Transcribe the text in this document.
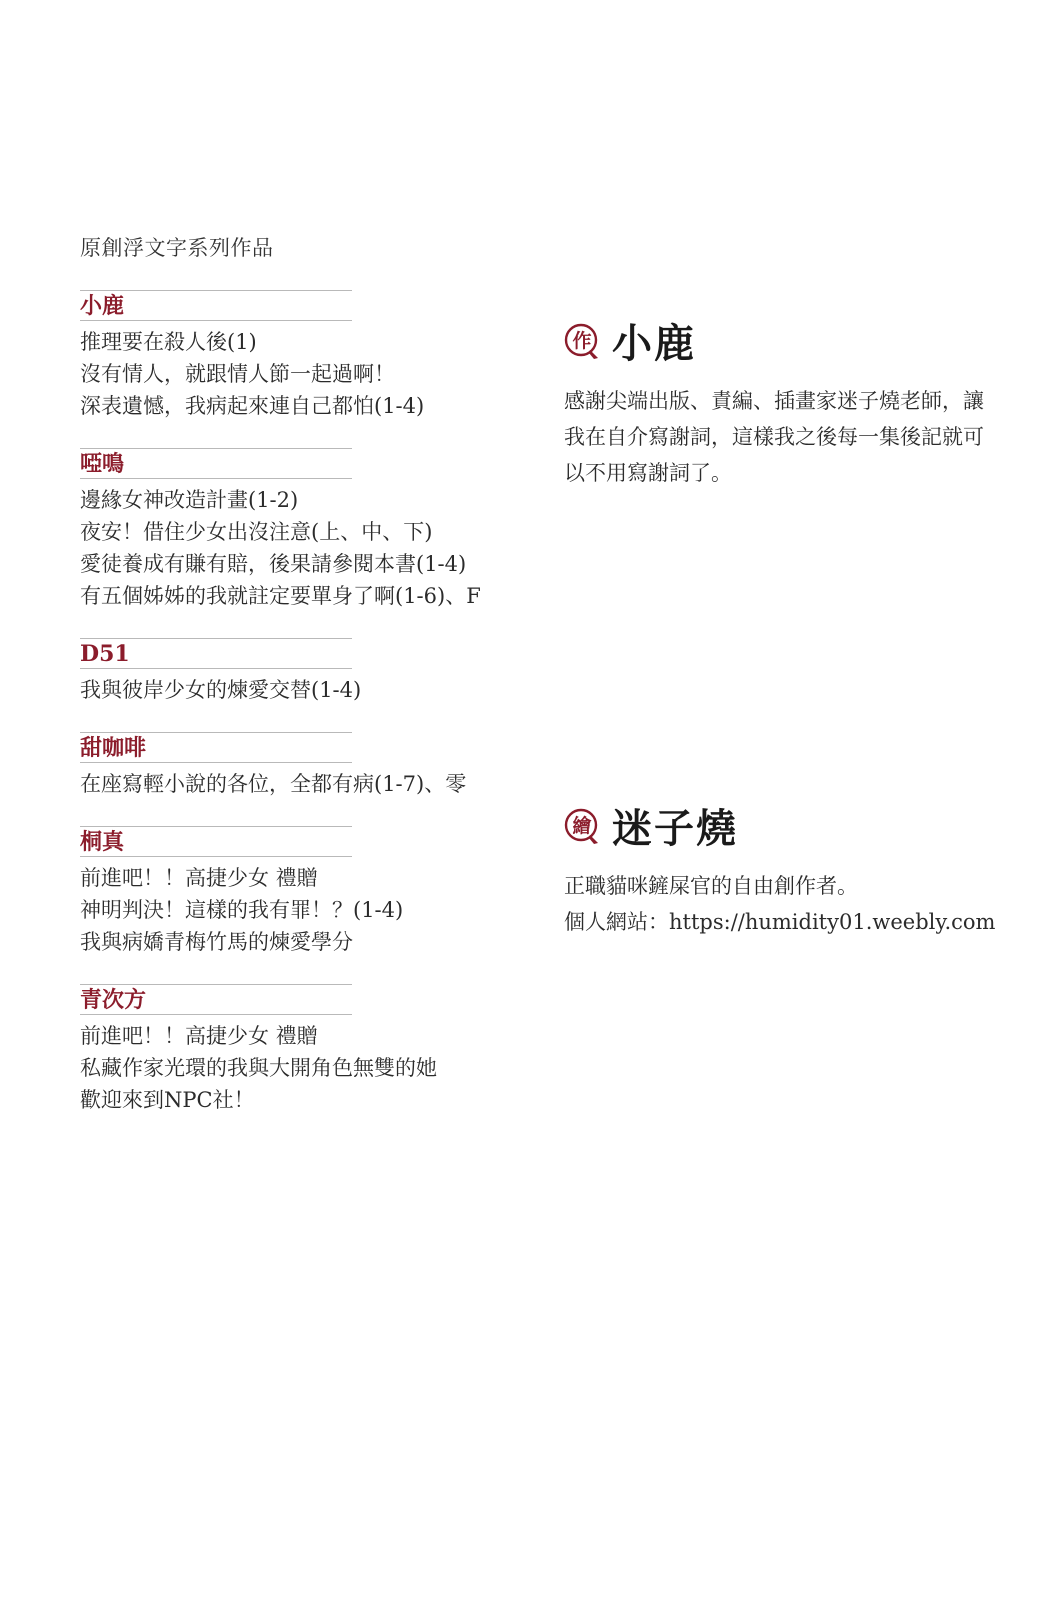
原創浮文字系列作品
小鹿
推理要在殺人後(1)
沒有情人，就跟情人節一起過啊！
深表遺憾，我病起來連自己都怕(1-4)
啞鳴
邊緣女神改造計畫(1-2)
夜安！借住少女出沒注意(上、中、下)
愛徒養成有賺有賠，後果請參閱本書(1-4)
有五個姊姊的我就註定要單身了啊(1-6)、F
D51
我與彼岸少女的煉愛交替(1-4)
甜咖啡
在座寫輕小說的各位，全都有病(1-7)、零
桐真
前進吧！！高捷少女 禮贈
神明判決！這樣的我有罪！？(1-4)
我與病嬌青梅竹馬的煉愛學分
青次方
前進吧！！高捷少女 禮贈
私藏作家光環的我與大開角色無雙的她
歡迎來到NPC社！
作 小鹿

感謝尖端出版、責編、插畫家迷子燒老師，讓

我在自介寫謝詞，這樣我之後每一集後記就可

以不用寫謝詞了。

繪 迷子燒

正職貓咪鏟屎官的自由創作者。

個人網站：https://humidity01.weebly.com
